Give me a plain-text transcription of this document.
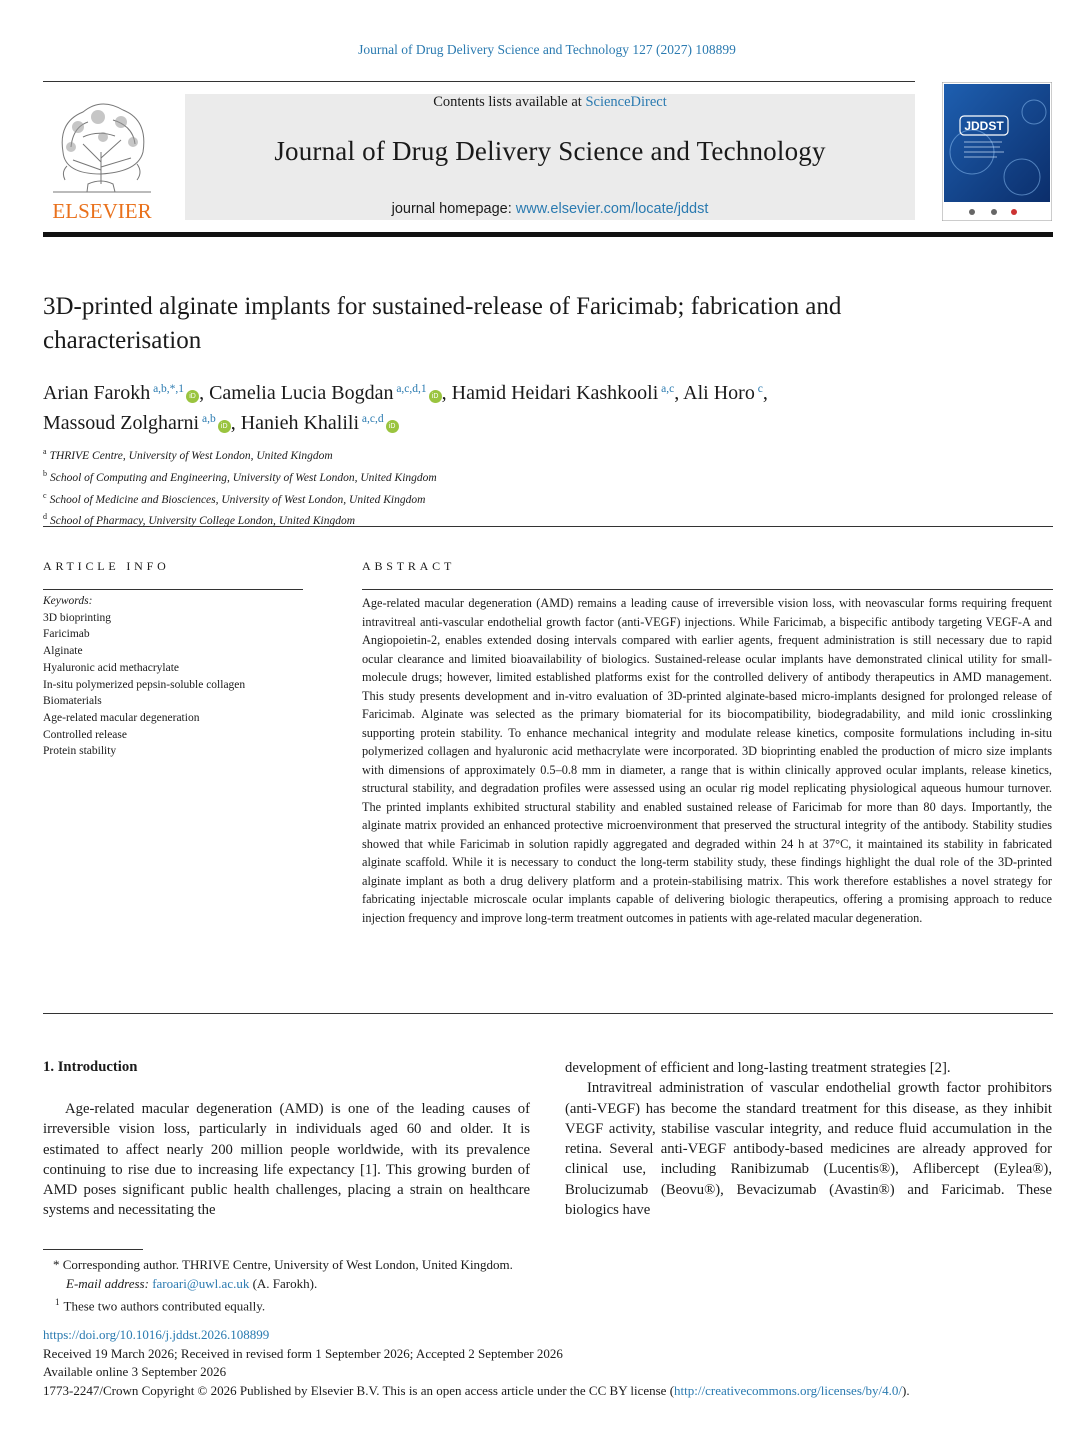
Journal of Drug Delivery Science and Technology 127 (2027) 108899
ELSEVIER
Contents lists available at ScienceDirect
Journal of Drug Delivery Science and Technology
journal homepage: www.elsevier.com/locate/jddst
JDDST
3D-printed alginate implants for sustained-release of Faricimab; fabrication and characterisation
Arian Farokh $^{a,b,*,1}$iD , Camelia Lucia Bogdan $^{a,c,d,1}$iD , Hamid Heidari Kashkooli $^{a,c}$, Ali Horo $^c$,
Massoud Zolgharni $^{a,b}$iD , Hanieh Khalili $^{a,c,d}$iD
$^a$ THRIVE Centre, University of West London, United Kingdom
$^b$ School of Computing and Engineering, University of West London, United Kingdom
$^c$ School of Medicine and Biosciences, University of West London, United Kingdom
$^d$ School of Pharmacy, University College London, United Kingdom
ARTICLE INFO	ABSTRACT
Keywords:
3D bioprinting
Faricimab
Alginate
Hyaluronic acid methacrylate
In-situ polymerized pepsin-soluble collagen
Biomaterials
Age-related macular degeneration
Controlled release
Protein stability
Age-related macular degeneration (AMD) remains a leading cause of irreversible vision loss, with neovascular forms requiring frequent intravitreal anti-vascular endothelial growth factor (anti-VEGF) injections. While Faricimab, a bispecific antibody targeting VEGF-A and Angiopoietin-2, enables extended dosing intervals compared with earlier agents, frequent administration is still necessary due to rapid ocular clearance and limited bioavailability of biologics. Sustained-release ocular implants have demonstrated clinical utility for small-molecule drugs; however, limited established platforms exist for the controlled delivery of antibody therapeutics in AMD management. This study presents development and in-vitro evaluation of 3D-printed alginate-based micro-implants designed for prolonged release of Faricimab. Alginate was selected as the primary biomaterial for its biocompatibility, biodegradability, and mild ionic crosslinking supporting protein stability. To enhance mechanical integrity and modulate release kinetics, composite formulations including in-situ polymerized collagen and hyaluronic acid methacrylate were incorporated. 3D bioprinting enabled the production of micro size implants with dimensions of approximately 0.5–0.8 mm in diameter, a range that is within clinically approved ocular implants, release kinetics, structural stability, and degradation profiles were assessed using an ocular rig model replicating physiological aqueous humour turnover. The printed implants exhibited structural stability and enabled sustained release of Faricimab for more than 80 days. Importantly, the alginate matrix provided an enhanced protective microenvironment that preserved the structural integrity of the antibody. Stability studies showed that while Faricimab in solution rapidly aggregated and degraded within 24 h at 37°C, it maintained its stability in fabricated alginate scaffold. While it is necessary to conduct the long-term stability study, these findings highlight the dual role of the 3D-printed alginate implant as both a drug delivery platform and a protein-stabilising matrix. This work therefore establishes a novel strategy for fabricating injectable microscale ocular implants capable of delivering biologic therapeutics, offering a promising approach to reduce injection frequency and improve long-term treatment outcomes in patients with age-related macular degeneration.
1. Introduction

Age-related macular degeneration (AMD) is one of the leading causes of irreversible vision loss, particularly in individuals aged 60 and older. It is estimated to affect nearly 200 million people worldwide, with its prevalence continuing to rise due to increasing life expectancy [1]. This growing burden of AMD poses significant public health challenges, placing a strain on healthcare systems and necessitating the

development of efficient and long-lasting treatment strategies [2].

Intravitreal administration of vascular endothelial growth factor prohibitors (anti-VEGF) has become the standard treatment for this disease, as they inhibit VEGF activity, stabilise vascular integrity, and reduce fluid accumulation in the retina. Several anti-VEGF antibody-based medicines are already approved for clinical use, including Ranibizumab (Lucentis®), Aflibercept (Eylea®), Brolucizumab (Beovu®), Bevacizumab (Avastin®) and Faricimab. These biologics have

* Corresponding author. THRIVE Centre, University of West London, United Kingdom.
E-mail address: faroari@uwl.ac.uk (A. Farokh).
$^1$ These two authors contributed equally.
https://doi.org/10.1016/j.jddst.2026.108899
Received 19 March 2026; Received in revised form 1 September 2026; Accepted 2 September 2026
Available online 3 September 2026
1773-2247/Crown Copyright © 2026 Published by Elsevier B.V. This is an open access article under the CC BY license (http://creativecommons.org/licenses/by/4.0/).
